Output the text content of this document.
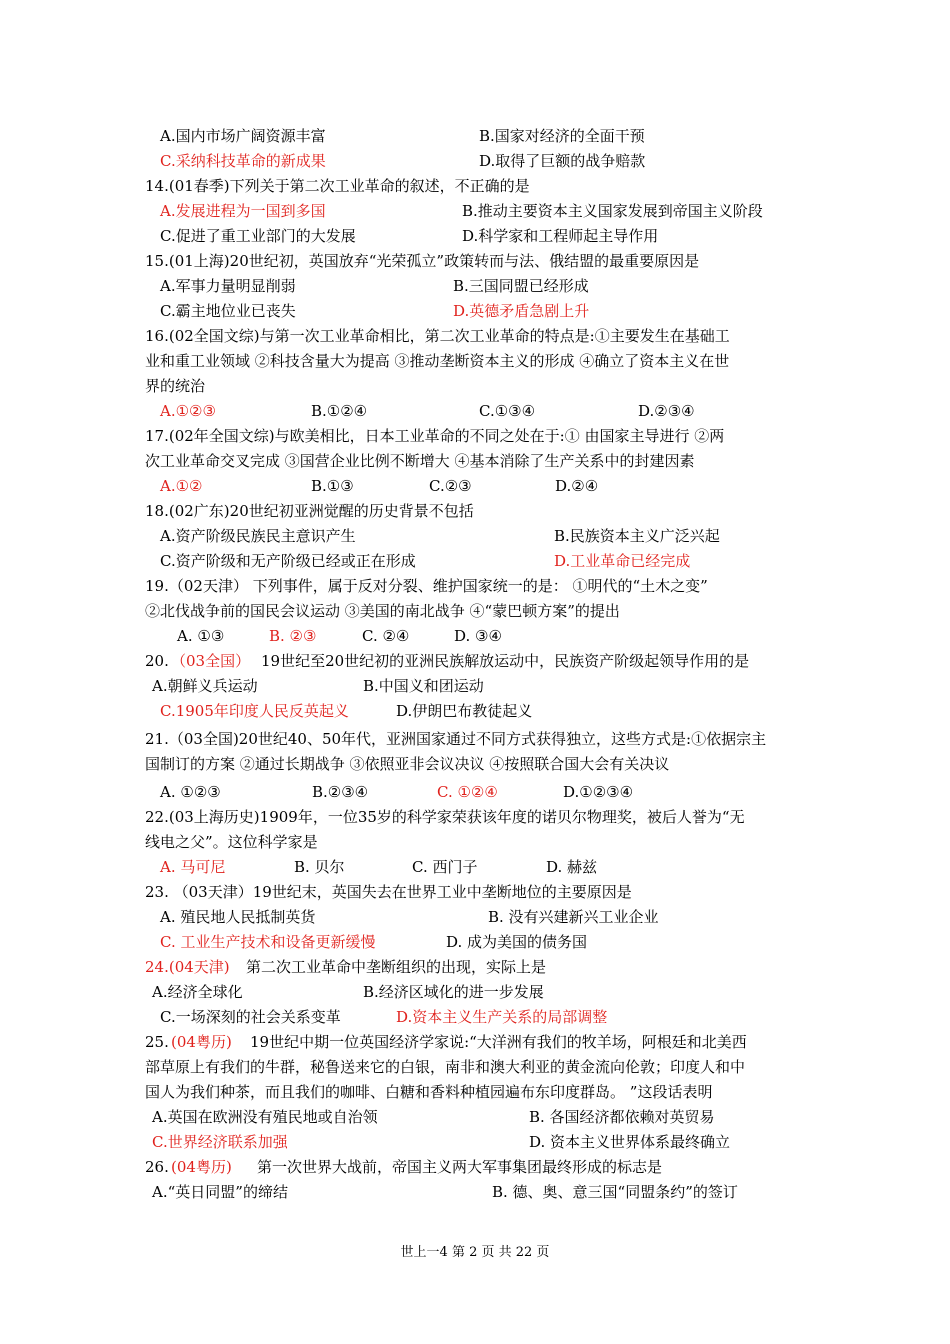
A.国内市场广阔资源丰富	B.国家对经济的全面干预
C.采纳科技革命的新成果	D.取得了巨额的战争赔款
14.(01春季)下列关于第二次工业革命的叙述，不正确的是
A.发展进程为一国到多国	B.推动主要资本主义国家发展到帝国主义阶段
C.促进了重工业部门的大发展	D.科学家和工程师起主导作用
15.(01上海)20世纪初，英国放弃“光荣孤立”政策转而与法、俄结盟的最重要原因是
A.军事力量明显削弱	B.三国同盟已经形成
C.霸主地位业已丧失	D.英德矛盾急剧上升
16.(02全国文综)与第一次工业革命相比，第二次工业革命的特点是:①主要发生在基础工
业和重工业领域 ②科技含量大为提高 ③推动垄断资本主义的形成 ④确立了资本主义在世
界的统治
A.①②③	B.①②④	C.①③④	D.②③④
17.(02年全国文综)与欧美相比，日本工业革命的不同之处在于:① 由国家主导进行 ②两
次工业革命交叉完成 ③国营企业比例不断增大 ④基本消除了生产关系中的封建因素
A.①②	B.①③	C.②③	D.②④
18.(02广东)20世纪初亚洲觉醒的历史背景不包括
A.资产阶级民族民主意识产生	B.民族资本主义广泛兴起
C.资产阶级和无产阶级已经或正在形成	D.工业革命已经完成
19.（02天津） 下列事件，属于反对分裂、维护国家统一的是： ①明代的“土木之变”
②北伐战争前的国民会议运动 ③美国的南北战争 ④“蒙巴顿方案”的提出
A. ①③	B. ②③	C. ②④	D. ③④
20. （03全国） 19世纪至20世纪初的亚洲民族解放运动中，民族资产阶级起领导作用的是
A.朝鲜义兵运动	B.中国义和团运动
C.1905年印度人民反英起义	D.伊朗巴布教徒起义
21.（03全国)20世纪40、50年代，亚洲国家通过不同方式获得独立，这些方式是:①依据宗主
国制订的方案 ②通过长期战争 ③依照亚非会议决议 ④按照联合国大会有关决议
A. ①②③	B.②③④	C. ①②④	D.①②③④
22.(03上海历史)1909年，一位35岁的科学家荣获该年度的诺贝尔物理奖，被后人誉为“无
线电之父”。这位科学家是
A. 马可尼	B. 贝尔	C. 西门子	D. 赫兹
23. （03天津）19世纪末，英国失去在世界工业中垄断地位的主要原因是
A. 殖民地人民抵制英货	B. 没有兴建新兴工业企业
C. 工业生产技术和设备更新缓慢	D. 成为美国的债务国
24.(04天津) 第二次工业革命中垄断组织的出现，实际上是
A.经济全球化	B.经济区域化的进一步发展
C.一场深刻的社会关系变革	D.资本主义生产关系的局部调整
25. (04粤历) 19世纪中期一位英国经济学家说:“大洋洲有我们的牧羊场，阿根廷和北美西
部草原上有我们的牛群，秘鲁送来它的白银，南非和澳大利亚的黄金流向伦敦；印度人和中
国人为我们种茶，而且我们的咖啡、白糖和香料种植园遍布东印度群岛。 ”这段话表明
A.英国在欧洲没有殖民地或自治领	B. 各国经济都依赖对英贸易
C.世界经济联系加强	D. 资本主义世界体系最终确立
26. (04粤历) 第一次世界大战前，帝国主义两大军事集团最终形成的标志是
A.“英日同盟”的缔结	B. 德、奥、意三国“同盟条约”的签订
世上一4 第 2 页 共 22 页
